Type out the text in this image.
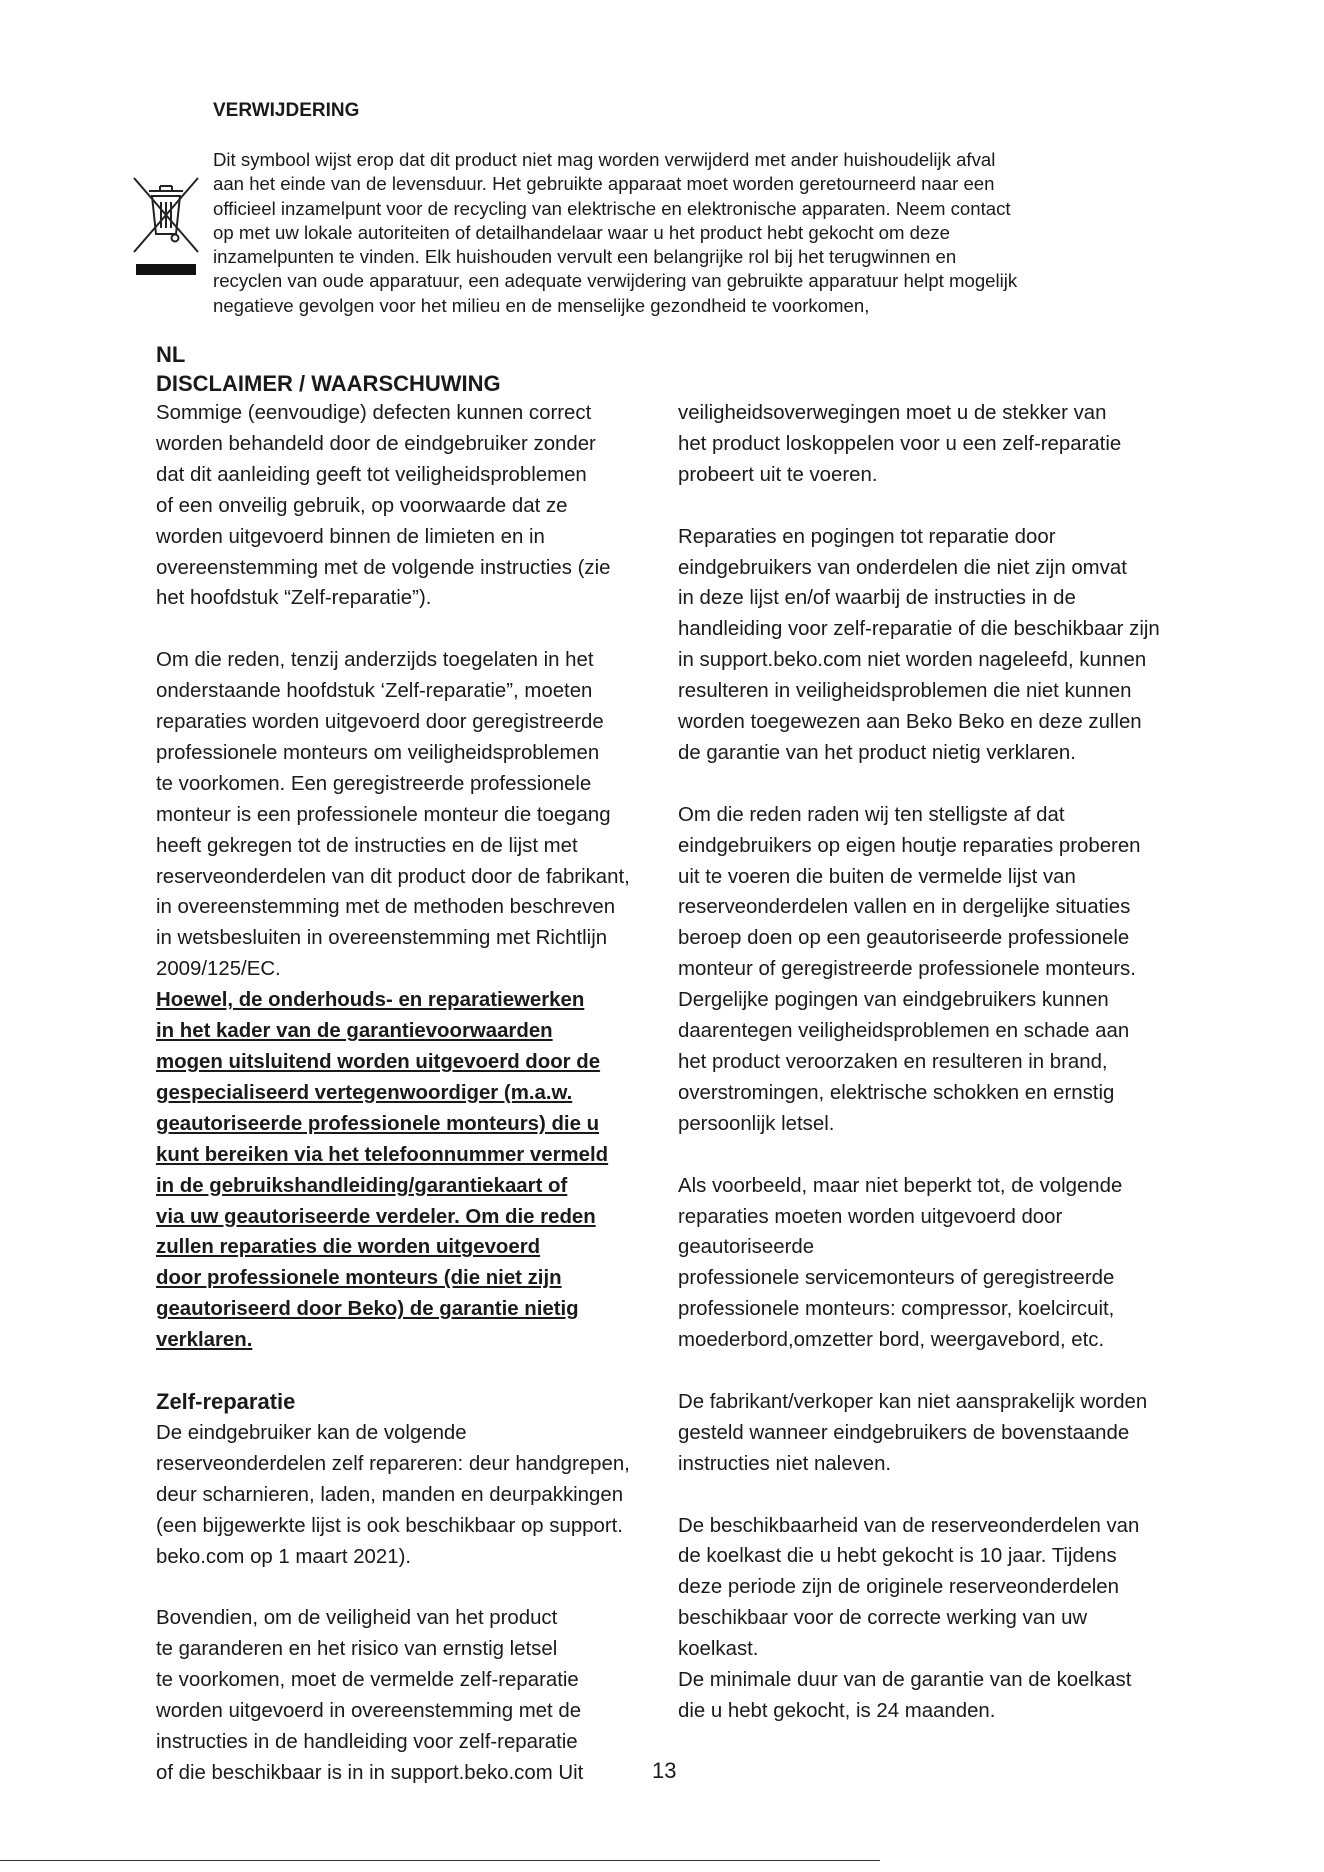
VERWIJDERING
Dit symbool wijst erop dat dit product niet mag worden verwijderd met ander huishoudelijk afval
aan het einde van de levensduur. Het gebruikte apparaat moet worden geretourneerd naar een
officieel inzamelpunt voor de recycling van elektrische en elektronische apparaten. Neem contact
op met uw lokale autoriteiten of detailhandelaar waar u het product hebt gekocht om deze
inzamelpunten te vinden. Elk huishouden vervult een belangrijke rol bij het terugwinnen en
recyclen van oude apparatuur, een adequate verwijdering van gebruikte apparatuur helpt mogelijk
negatieve gevolgen voor het milieu en de menselijke gezondheid te voorkomen,
NL
DISCLAIMER / WAARSCHUWING

Sommige (eenvoudige) defecten kunnen correct
worden behandeld door de eindgebruiker zonder
dat dit aanleiding geeft tot veiligheidsproblemen
of een onveilig gebruik, op voorwaarde dat ze
worden uitgevoerd binnen de limieten en in
overeenstemming met de volgende instructies (zie
het hoofdstuk “Zelf-reparatie”).

Om die reden, tenzij anderzijds toegelaten in het
onderstaande hoofdstuk ‘Zelf-reparatie”, moeten
reparaties worden uitgevoerd door geregistreerde
professionele monteurs om veiligheidsproblemen
te voorkomen. Een geregistreerde professionele
monteur is een professionele monteur die toegang
heeft gekregen tot de instructies en de lijst met
reserveonderdelen van dit product door de fabrikant,
in overeenstemming met de methoden beschreven
in wetsbesluiten in overeenstemming met Richtlijn
2009/125/EC.

Hoewel, de onderhouds- en reparatiewerken
in het kader van de garantievoorwaarden
mogen uitsluitend worden uitgevoerd door de
gespecialiseerd vertegenwoordiger (m.a.w.
geautoriseerde professionele monteurs) die u
kunt bereiken via het telefoonnummer vermeld
in de gebruikshandleiding/garantiekaart of
via uw geautoriseerde verdeler. Om die reden
zullen reparaties die worden uitgevoerd
door professionele monteurs (die niet zijn
geautoriseerd door Beko) de garantie nietig
verklaren.

Zelf-reparatie

De eindgebruiker kan de volgende
reserveonderdelen zelf repareren: deur handgrepen,
deur scharnieren, laden, manden en deurpakkingen
(een bijgewerkte lijst is ook beschikbaar op support.
beko.com op 1 maart 2021).

Bovendien, om de veiligheid van het product
te garanderen en het risico van ernstig letsel
te voorkomen, moet de vermelde zelf-reparatie
worden uitgevoerd in overeenstemming met de
instructies in de handleiding voor zelf-reparatie
of die beschikbaar is in in support.beko.com Uit

veiligheidsoverwegingen moet u de stekker van
het product loskoppelen voor u een zelf-reparatie
probeert uit te voeren.

Reparaties en pogingen tot reparatie door
eindgebruikers van onderdelen die niet zijn omvat
in deze lijst en/of waarbij de instructies in de
handleiding voor zelf-reparatie of die beschikbaar zijn
in support.beko.com niet worden nageleefd, kunnen
resulteren in veiligheidsproblemen die niet kunnen
worden toegewezen aan Beko Beko en deze zullen
de garantie van het product nietig verklaren.

Om die reden raden wij ten stelligste af dat
eindgebruikers op eigen houtje reparaties proberen
uit te voeren die buiten de vermelde lijst van
reserveonderdelen vallen en in dergelijke situaties
beroep doen op een geautoriseerde professionele
monteur of geregistreerde professionele monteurs.
Dergelijke pogingen van eindgebruikers kunnen
daarentegen veiligheidsproblemen en schade aan
het product veroorzaken en resulteren in brand,
overstromingen, elektrische schokken en ernstig
persoonlijk letsel.

Als voorbeeld, maar niet beperkt tot, de volgende
reparaties moeten worden uitgevoerd door
geautoriseerde
professionele servicemonteurs of geregistreerde
professionele monteurs: compressor, koelcircuit,
moederbord,omzetter bord, weergavebord, etc.

De fabrikant/verkoper kan niet aansprakelijk worden
gesteld wanneer eindgebruikers de bovenstaande
instructies niet naleven.

De beschikbaarheid van de reserveonderdelen van
de koelkast die u hebt gekocht is 10 jaar. Tijdens
deze periode zijn de originele reserveonderdelen
beschikbaar voor de correcte werking van uw
koelkast.
De minimale duur van de garantie van de koelkast
die u hebt gekocht, is 24 maanden.

13
